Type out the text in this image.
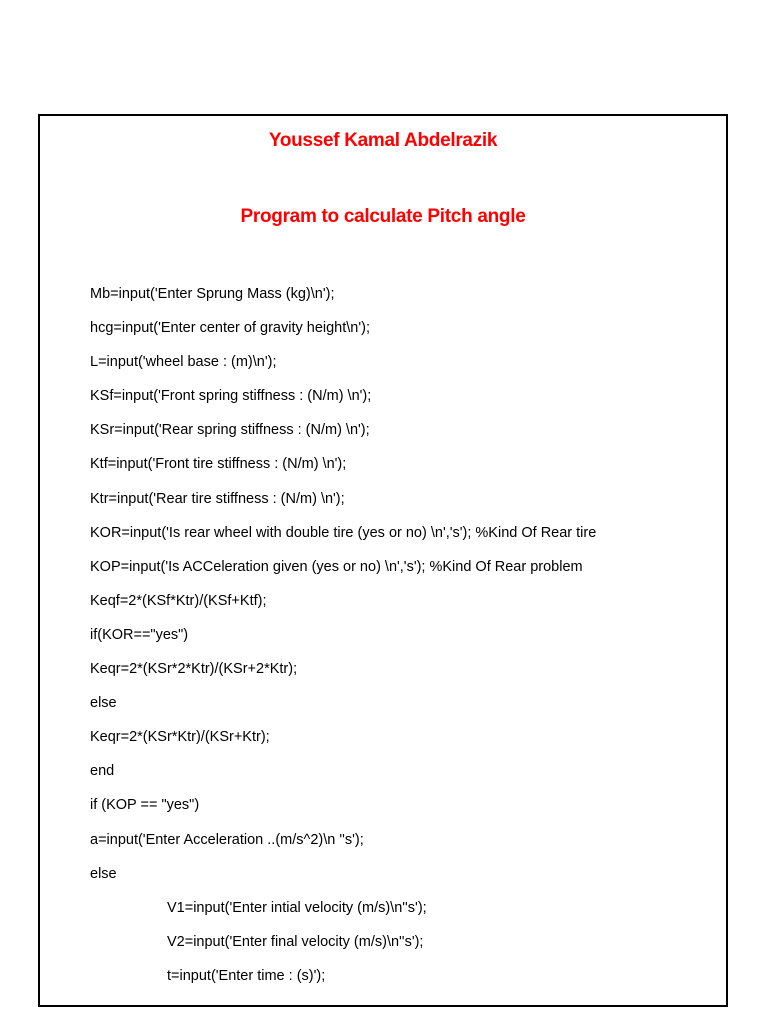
Youssef Kamal Abdelrazik
Program to calculate Pitch angle
Mb=input('Enter Sprung Mass (kg)\n');
hcg=input('Enter center of gravity height\n');
L=input('wheel base : (m)\n');
KSf=input('Front spring stiffness : (N/m) \n');
KSr=input('Rear spring stiffness : (N/m) \n');
Ktf=input('Front tire stiffness : (N/m) \n');
Ktr=input('Rear tire stiffness : (N/m) \n');
KOR=input('Is rear wheel with double tire (yes or no) \n','s'); %Kind Of Rear tire
KOP=input('Is ACCeleration given (yes or no) \n','s'); %Kind Of Rear problem
Keqf=2*(KSf*Ktr)/(KSf+Ktf);
if(KOR=="yes")
Keqr=2*(KSr*2*Ktr)/(KSr+2*Ktr);
else
Keqr=2*(KSr*Ktr)/(KSr+Ktr);
end
if (KOP == "yes")
a=input('Enter Acceleration ..(m/s^2)\n ''s');
else
V1=input('Enter intial velocity (m/s)\n''s');
V2=input('Enter final velocity (m/s)\n''s');
t=input('Enter time : (s)');
